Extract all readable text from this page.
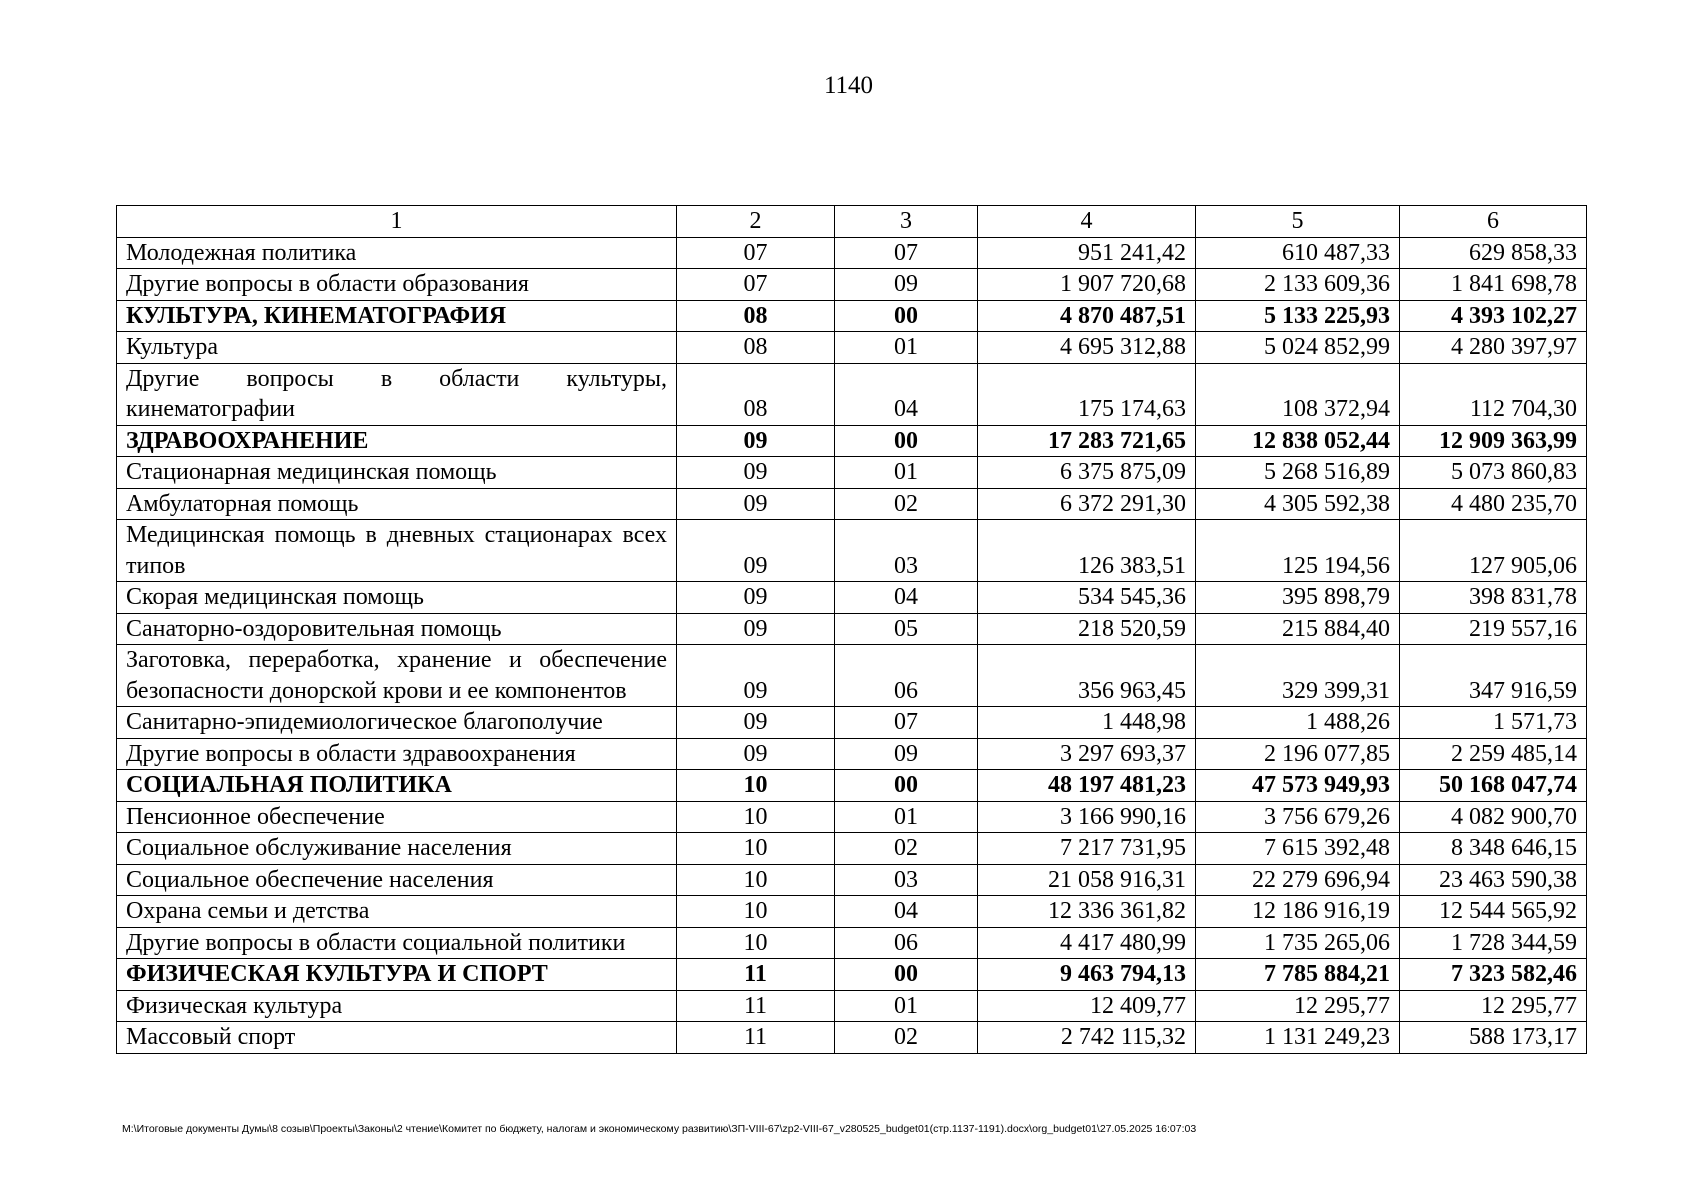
1140
1	2	3	4	5	6
Молодежная политика	07	07	951 241,42	610 487,33	629 858,33
Другие вопросы в области образования	07	09	1 907 720,68	2 133 609,36	1 841 698,78
КУЛЬТУРА, КИНЕМАТОГРАФИЯ	08	00	4 870 487,51	5 133 225,93	4 393 102,27
Культура	08	01	4 695 312,88	5 024 852,99	4 280 397,97
Другие вопросы в области культуры, кинематографии	08	04	175 174,63	108 372,94	112 704,30
ЗДРАВООХРАНЕНИЕ	09	00	17 283 721,65	12 838 052,44	12 909 363,99
Стационарная медицинская помощь	09	01	6 375 875,09	5 268 516,89	5 073 860,83
Амбулаторная помощь	09	02	6 372 291,30	4 305 592,38	4 480 235,70
Медицинская помощь в дневных стационарах всех типов	09	03	126 383,51	125 194,56	127 905,06
Скорая медицинская помощь	09	04	534 545,36	395 898,79	398 831,78
Санаторно-оздоровительная помощь	09	05	218 520,59	215 884,40	219 557,16
Заготовка, переработка, хранение и обеспечение безопасности донорской крови и ее компонентов	09	06	356 963,45	329 399,31	347 916,59
Санитарно-эпидемиологическое благополучие	09	07	1 448,98	1 488,26	1 571,73
Другие вопросы в области здравоохранения	09	09	3 297 693,37	2 196 077,85	2 259 485,14
СОЦИАЛЬНАЯ ПОЛИТИКА	10	00	48 197 481,23	47 573 949,93	50 168 047,74
Пенсионное обеспечение	10	01	3 166 990,16	3 756 679,26	4 082 900,70
Социальное обслуживание населения	10	02	7 217 731,95	7 615 392,48	8 348 646,15
Социальное обеспечение населения	10	03	21 058 916,31	22 279 696,94	23 463 590,38
Охрана семьи и детства	10	04	12 336 361,82	12 186 916,19	12 544 565,92
Другие вопросы в области социальной политики	10	06	4 417 480,99	1 735 265,06	1 728 344,59
ФИЗИЧЕСКАЯ КУЛЬТУРА И СПОРТ	11	00	9 463 794,13	7 785 884,21	7 323 582,46
Физическая культура	11	01	12 409,77	12 295,77	12 295,77
Массовый спорт	11	02	2 742 115,32	1 131 249,23	588 173,17
M:\Итоговые документы Думы\8 созыв\Проекты\Законы\2 чтение\Комитет по бюджету, налогам и экономическому развитию\ЗП-VIII-67\zp2-VIII-67_v280525_budget01(стр.1137-1191).docx\org_budget01\27.05.2025 16:07:03
